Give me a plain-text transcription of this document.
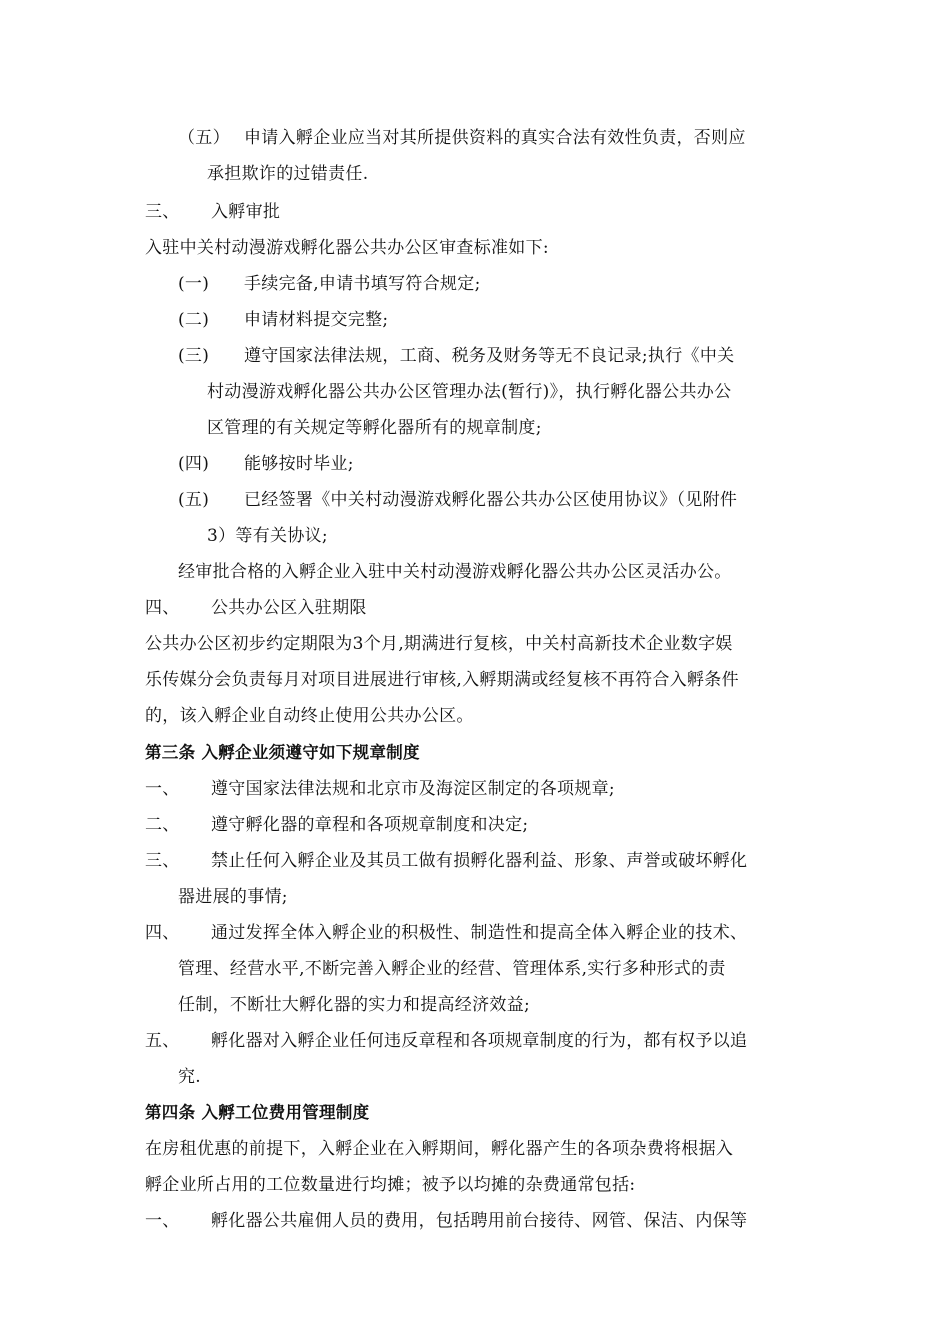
（五） 申请入孵企业应当对其所提供资料的真实合法有效性负责，否则应
承担欺诈的过错责任.
三、 入孵审批
入驻中关村动漫游戏孵化器公共办公区审查标准如下:
(一) 手续完备,申请书填写符合规定;
(二) 申请材料提交完整;
(三) 遵守国家法律法规，工商、税务及财务等无不良记录;执行《中关
村动漫游戏孵化器公共办公区管理办法(暂行)》，执行孵化器公共办公
区管理的有关规定等孵化器所有的规章制度;
(四) 能够按时毕业;
(五) 已经签署《中关村动漫游戏孵化器公共办公区使用协议》（见附件
3）等有关协议;
经审批合格的入孵企业入驻中关村动漫游戏孵化器公共办公区灵活办公。
四、 公共办公区入驻期限
公共办公区初步约定期限为3个月,期满进行复核，中关村高新技术企业数字娱
乐传媒分会负责每月对项目进展进行审核,入孵期满或经复核不再符合入孵条件
的，该入孵企业自动终止使用公共办公区。
第三条 入孵企业须遵守如下规章制度
一、 遵守国家法律法规和北京市及海淀区制定的各项规章;
二、 遵守孵化器的章程和各项规章制度和决定;
三、 禁止任何入孵企业及其员工做有损孵化器利益、形象、声誉或破坏孵化
器进展的事情;
四、 通过发挥全体入孵企业的积极性、制造性和提高全体入孵企业的技术、
管理、经营水平,不断完善入孵企业的经营、管理体系,实行多种形式的责
任制，不断壮大孵化器的实力和提高经济效益;
五、 孵化器对入孵企业任何违反章程和各项规章制度的行为，都有权予以追
究.
第四条 入孵工位费用管理制度
在房租优惠的前提下，入孵企业在入孵期间，孵化器产生的各项杂费将根据入
孵企业所占用的工位数量进行均摊；被予以均摊的杂费通常包括:
一、 孵化器公共雇佣人员的费用，包括聘用前台接待、网管、保洁、内保等
